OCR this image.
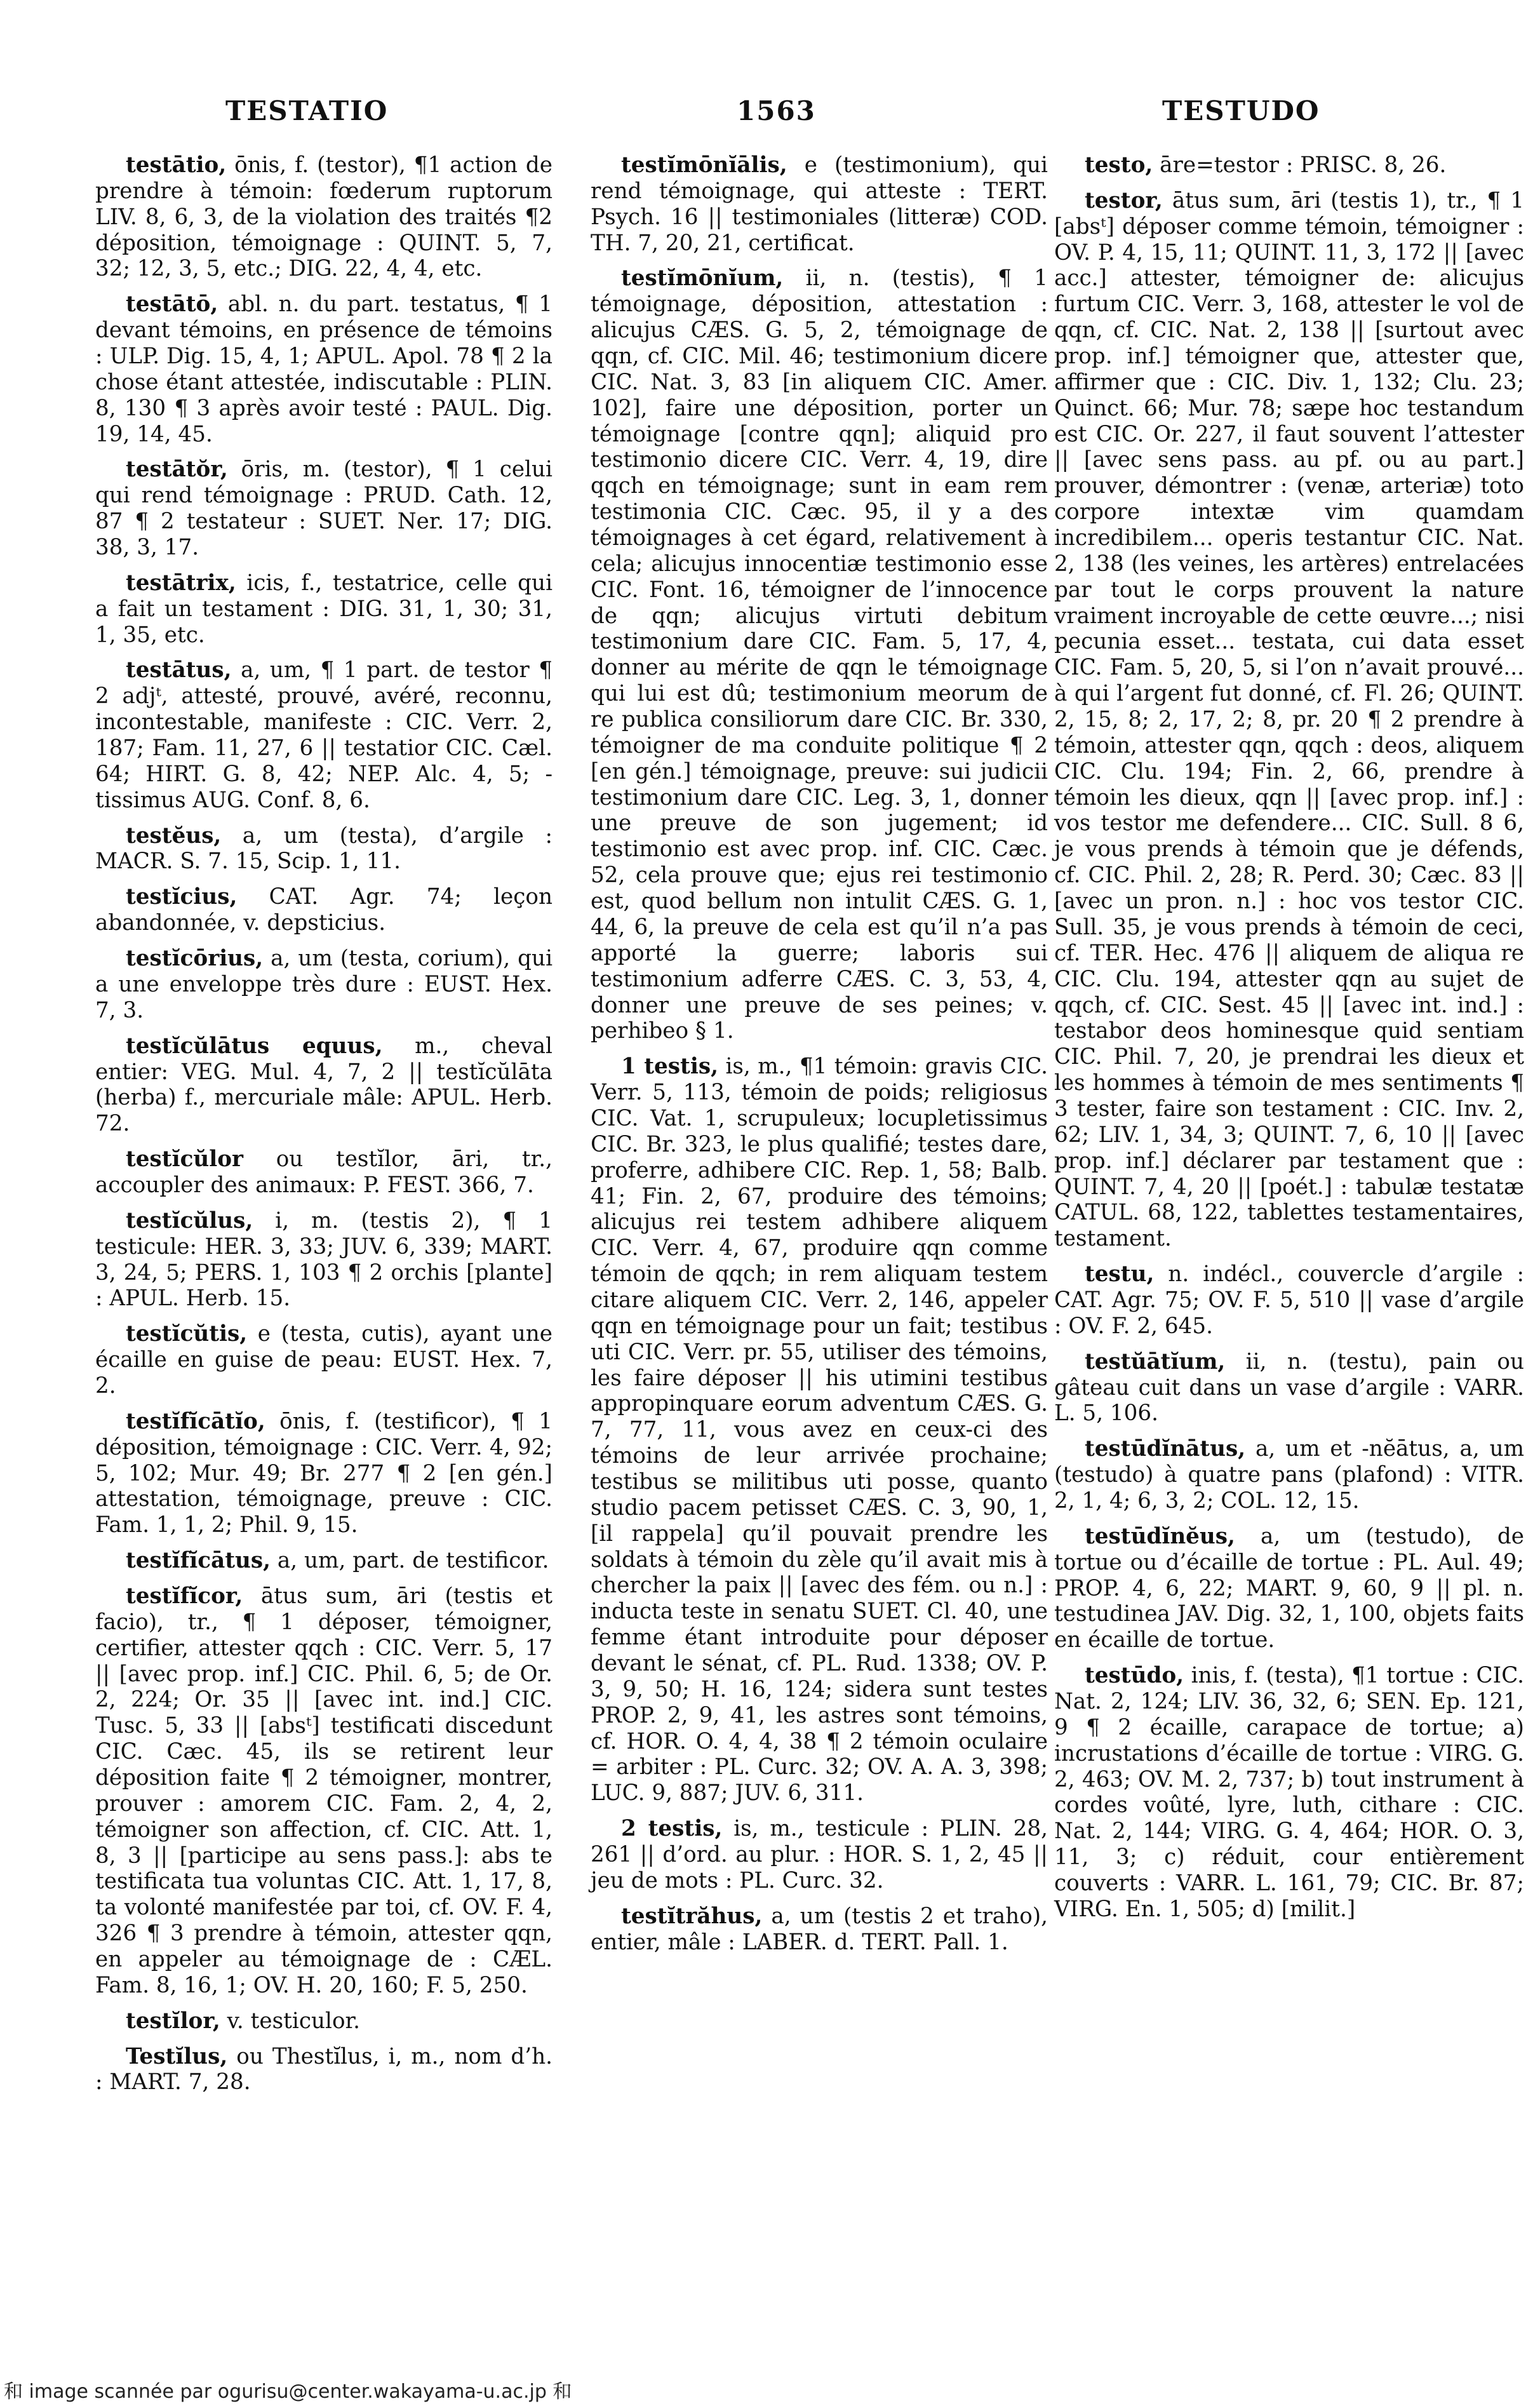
TESTATIO	1563	TESTUDO

testātio, ōnis, f. (testor), ¶1 action de prendre à témoin: fœderum ruptorum LIV. 8, 6, 3, de la violation des traités ¶2 déposition, témoignage : QUINT. 5, 7, 32; 12, 3, 5, etc.; DIG. 22, 4, 4, etc.

testātō, abl. n. du part. testatus, ¶ 1 devant témoins, en présence de témoins : ULP. Dig. 15, 4, 1; APUL. Apol. 78 ¶ 2 la chose étant attestée, indiscutable : PLIN. 8, 130 ¶ 3 après avoir testé : PAUL. Dig. 19, 14, 45.

testātŏr, ōris, m. (testor), ¶ 1 celui qui rend témoignage : PRUD. Cath. 12, 87 ¶ 2 testateur : SUET. Ner. 17; DIG. 38, 3, 17.

testātrix, icis, f., testatrice, celle qui a fait un testament : DIG. 31, 1, 30; 31, 1, 35, etc.

testātus, a, um, ¶ 1 part. de testor ¶ 2 adjᵗ, attesté, prouvé, avéré, reconnu, incontestable, manifeste : CIC. Verr. 2, 187; Fam. 11, 27, 6 || testatior CIC. Cæl. 64; HIRT. G. 8, 42; NEP. Alc. 4, 5; -tissimus AUG. Conf. 8, 6.

testĕus, a, um (testa), d’argile : MACR. S. 7. 15, Scip. 1, 11.

testĭcius, CAT. Agr. 74; leçon abandonnée, v. depsticius.

testĭcōrius, a, um (testa, corium), qui a une enveloppe très dure : EUST. Hex. 7, 3.

testĭcŭlātus equus, m., cheval entier: VEG. Mul. 4, 7, 2 || testĭcŭlāta (herba) f., mercuriale mâle: APUL. Herb. 72.

testĭcŭlor ou testĭlor, āri, tr., accoupler des animaux: P. FEST. 366, 7.

testĭcŭlus, i, m. (testis 2), ¶ 1 testicule: HER. 3, 33; JUV. 6, 339; MART. 3, 24, 5; PERS. 1, 103 ¶ 2 orchis [plante] : APUL. Herb. 15.

testĭcŭtis, e (testa, cutis), ayant une écaille en guise de peau: EUST. Hex. 7, 2.

testĭfĭcātĭo, ōnis, f. (testificor), ¶ 1 déposition, témoignage : CIC. Verr. 4, 92; 5, 102; Mur. 49; Br. 277 ¶ 2 [en gén.] attestation, témoignage, preuve : CIC. Fam. 1, 1, 2; Phil. 9, 15.

testĭfĭcātus, a, um, part. de testificor.

testĭfĭcor, ātus sum, āri (testis et facio), tr., ¶ 1 déposer, témoigner, certifier, attester qqch : CIC. Verr. 5, 17 || [avec prop. inf.] CIC. Phil. 6, 5; de Or. 2, 224; Or. 35 || [avec int. ind.] CIC. Tusc. 5, 33 || [absᵗ] testificati discedunt CIC. Cæc. 45, ils se retirent leur déposition faite ¶ 2 témoigner, montrer, prouver : amorem CIC. Fam. 2, 4, 2, témoigner son affection, cf. CIC. Att. 1, 8, 3 || [participe au sens pass.]: abs te testificata tua voluntas CIC. Att. 1, 17, 8, ta volonté manifestée par toi, cf. OV. F. 4, 326 ¶ 3 prendre à témoin, attester qqn, en appeler au témoignage de : CÆL. Fam. 8, 16, 1; OV. H. 20, 160; F. 5, 250.

testĭlor, v. testiculor.

Testĭlus, ou Thestĭlus, i, m., nom d’h. : MART. 7, 28.

testĭmōnĭālis, e (testimonium), qui rend témoignage, qui atteste : TERT. Psych. 16 || testimoniales (litteræ) COD. TH. 7, 20, 21, certificat.

testĭmōnĭum, ii, n. (testis), ¶ 1 témoignage, déposition, attestation : alicujus CÆS. G. 5, 2, témoignage de qqn, cf. CIC. Mil. 46; testimonium dicere CIC. Nat. 3, 83 [in aliquem CIC. Amer. 102], faire une déposition, porter un témoignage [contre qqn]; aliquid pro testimonio dicere CIC. Verr. 4, 19, dire qqch en témoignage; sunt in eam rem testimonia CIC. Cæc. 95, il y a des témoignages à cet égard, relativement à cela; alicujus innocentiæ testimonio esse CIC. Font. 16, témoigner de l’innocence de qqn; alicujus virtuti debitum testimonium dare CIC. Fam. 5, 17, 4, donner au mérite de qqn le témoignage qui lui est dû; testimonium meorum de re publica consiliorum dare CIC. Br. 330, témoigner de ma conduite politique ¶ 2 [en gén.] témoignage, preuve: sui judicii testimonium dare CIC. Leg. 3, 1, donner une preuve de son jugement; id testimonio est avec prop. inf. CIC. Cæc. 52, cela prouve que; ejus rei testimonio est, quod bellum non intulit CÆS. G. 1, 44, 6, la preuve de cela est qu’il n’a pas apporté la guerre; laboris sui testimonium adferre CÆS. C. 3, 53, 4, donner une preuve de ses peines; v. perhibeo § 1.

1 testis, is, m., ¶1 témoin: gravis CIC. Verr. 5, 113, témoin de poids; religiosus CIC. Vat. 1, scrupuleux; locupletissimus CIC. Br. 323, le plus qualifié; testes dare, proferre, adhibere CIC. Rep. 1, 58; Balb. 41; Fin. 2, 67, produire des témoins; alicujus rei testem adhibere aliquem CIC. Verr. 4, 67, produire qqn comme témoin de qqch; in rem aliquam testem citare aliquem CIC. Verr. 2, 146, appeler qqn en témoignage pour un fait; testibus uti CIC. Verr. pr. 55, utiliser des témoins, les faire déposer || his utimini testibus appropinquare eorum adventum CÆS. G. 7, 77, 11, vous avez en ceux-ci des témoins de leur arrivée prochaine; testibus se militibus uti posse, quanto studio pacem petisset CÆS. C. 3, 90, 1, [il rappela] qu’il pouvait prendre les soldats à témoin du zèle qu’il avait mis à chercher la paix || [avec des fém. ou n.] : inducta teste in senatu SUET. Cl. 40, une femme étant introduite pour déposer devant le sénat, cf. PL. Rud. 1338; OV. P. 3, 9, 50; H. 16, 124; sidera sunt testes PROP. 2, 9, 41, les astres sont témoins, cf. HOR. O. 4, 4, 38 ¶ 2 témoin oculaire = arbiter : PL. Curc. 32; OV. A. A. 3, 398; LUC. 9, 887; JUV. 6, 311.

2 testis, is, m., testicule : PLIN. 28, 261 || d’ord. au plur. : HOR. S. 1, 2, 45 || jeu de mots : PL. Curc. 32.

testĭtrăhus, a, um (testis 2 et traho), entier, mâle : LABER. d. TERT. Pall. 1.

testo, āre=testor : PRISC. 8, 26.

testor, ātus sum, āri (testis 1), tr., ¶ 1 [absᵗ] déposer comme témoin, témoigner : OV. P. 4, 15, 11; QUINT. 11, 3, 172 || [avec acc.] attester, témoigner de: alicujus furtum CIC. Verr. 3, 168, attester le vol de qqn, cf. CIC. Nat. 2, 138 || [surtout avec prop. inf.] témoigner que, attester que, affirmer que : CIC. Div. 1, 132; Clu. 23; Quinct. 66; Mur. 78; sæpe hoc testandum est CIC. Or. 227, il faut souvent l’attester || [avec sens pass. au pf. ou au part.] prouver, démontrer : (venæ, arteriæ) toto corpore intextæ vim quamdam incredibilem... operis testantur CIC. Nat. 2, 138 (les veines, les artères) entrelacées par tout le corps prouvent la nature vraiment incroyable de cette œuvre...; nisi pecunia esset... testata, cui data esset CIC. Fam. 5, 20, 5, si l’on n’avait prouvé... à qui l’argent fut donné, cf. Fl. 26; QUINT. 2, 15, 8; 2, 17, 2; 8, pr. 20 ¶ 2 prendre à témoin, attester qqn, qqch : deos, aliquem CIC. Clu. 194; Fin. 2, 66, prendre à témoin les dieux, qqn || [avec prop. inf.] : vos testor me defendere... CIC. Sull. 8 6, je vous prends à témoin que je défends, cf. CIC. Phil. 2, 28; R. Perd. 30; Cæc. 83 || [avec un pron. n.] : hoc vos testor CIC. Sull. 35, je vous prends à témoin de ceci, cf. TER. Hec. 476 || aliquem de aliqua re CIC. Clu. 194, attester qqn au sujet de qqch, cf. CIC. Sest. 45 || [avec int. ind.] : testabor deos hominesque quid sentiam CIC. Phil. 7, 20, je prendrai les dieux et les hommes à témoin de mes sentiments ¶ 3 tester, faire son testament : CIC. Inv. 2, 62; LIV. 1, 34, 3; QUINT. 7, 6, 10 || [avec prop. inf.] déclarer par testament que : QUINT. 7, 4, 20 || [poét.] : tabulæ testatæ CATUL. 68, 122, tablettes testamentaires, testament.

testu, n. indécl., couvercle d’argile : CAT. Agr. 75; OV. F. 5, 510 || vase d’argile : OV. F. 2, 645.

testŭātĭum, ii, n. (testu), pain ou gâteau cuit dans un vase d’argile : VARR. L. 5, 106.

testūdĭnātus, a, um et -nĕātus, a, um (testudo) à quatre pans (plafond) : VITR. 2, 1, 4; 6, 3, 2; COL. 12, 15.

testūdĭnĕus, a, um (testudo), de tortue ou d’écaille de tortue : PL. Aul. 49; PROP. 4, 6, 22; MART. 9, 60, 9 || pl. n. testudinea JAV. Dig. 32, 1, 100, objets faits en écaille de tortue.

testūdo, inis, f. (testa), ¶1 tortue : CIC. Nat. 2, 124; LIV. 36, 32, 6; SEN. Ep. 121, 9 ¶ 2 écaille, carapace de tortue; a) incrustations d’écaille de tortue : VIRG. G. 2, 463; OV. M. 2, 737; b) tout instrument à cordes voûté, lyre, luth, cithare : CIC. Nat. 2, 144; VIRG. G. 4, 464; HOR. O. 3, 11, 3; c) réduit, cour entièrement couverts : VARR. L. 161, 79; CIC. Br. 87; VIRG. En. 1, 505; d) [milit.]

和 image scannée par ogurisu@center.wakayama-u.ac.jp 和
